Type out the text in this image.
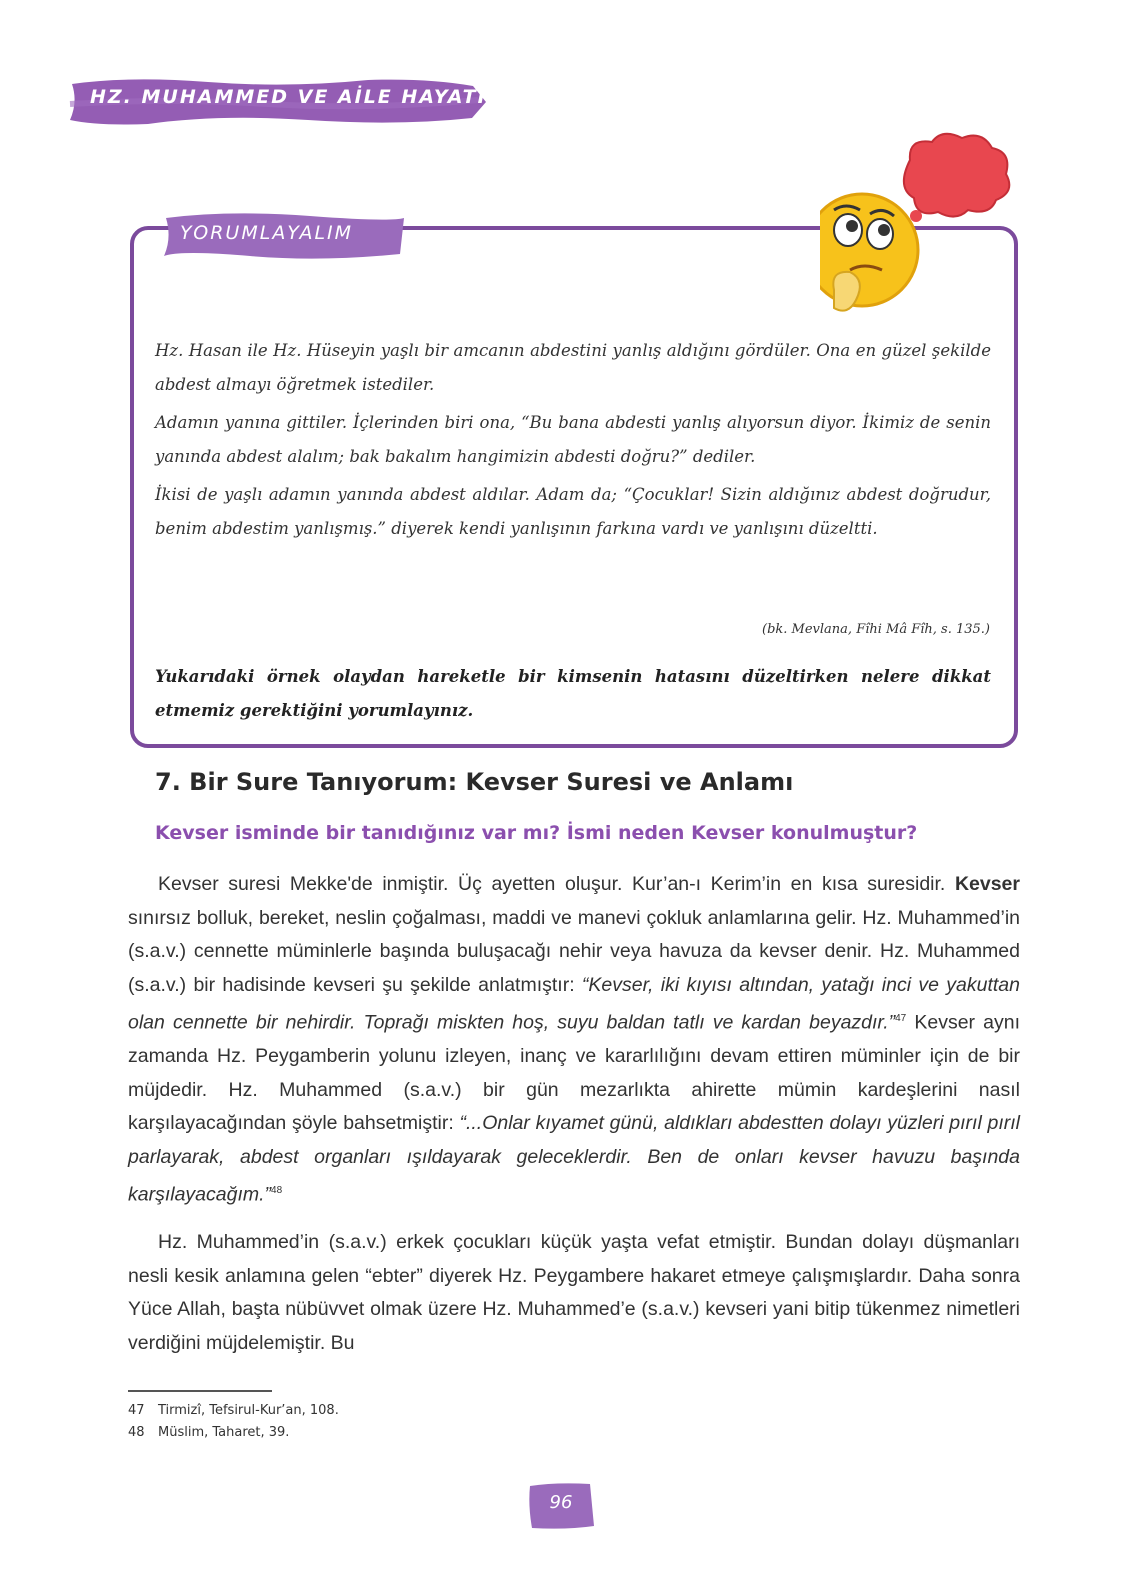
HZ. MUHAMMED VE AİLE HAYATI
YORUMLAYALIM

Hz. Hasan ile Hz. Hüseyin yaşlı bir amcanın abdestini yanlış aldığını gördüler. Ona en güzel şekilde abdest almayı öğretmek istediler.

Adamın yanına gittiler. İçlerinden biri ona, “Bu bana abdesti yanlış alıyorsun diyor. İkimiz de senin yanında abdest alalım; bak bakalım hangimizin abdesti doğru?” dediler.

İkisi de yaşlı adamın yanında abdest aldılar. Adam da; “Çocuklar! Sizin aldığınız abdest doğrudur, benim abdestim yanlışmış.” diyerek kendi yanlışının farkına vardı ve yanlışını düzeltti.

(bk. Mevlana, Fîhi Mâ Fîh, s. 135.)
Yukarıdaki örnek olaydan hareketle bir kimsenin hatasını düzeltirken nelere dikkat etmemiz gerektiğini yorumlayınız.
7. Bir Sure Tanıyorum: Kevser Suresi ve Anlamı
Kevser isminde bir tanıdığınız var mı? İsmi neden Kevser konulmuştur?

Kevser suresi Mekke'de inmiştir. Üç ayetten oluşur. Kur’an-ı Kerim’in en kısa suresidir. Kevser sınırsız bolluk, bereket, neslin çoğalması, maddi ve manevi çokluk anlamlarına gelir. Hz. Muhammed’in (s.a.v.) cennette müminlerle başında buluşacağı nehir veya havuza da kevser denir. Hz. Muhammed (s.a.v.) bir hadisinde kevseri şu şekilde anlatmıştır: “Kevser, iki kıyısı altından, yatağı inci ve yakuttan olan cennette bir nehirdir. Toprağı miskten hoş, suyu baldan tatlı ve kardan beyazdır.”$^{47}$ Kevser aynı zamanda Hz. Peygamberin yolunu izleyen, inanç ve kararlılığını devam ettiren müminler için de bir müjdedir. Hz. Muhammed (s.a.v.) bir gün mezarlıkta ahirette mümin kardeşlerini nasıl karşılayacağından şöyle bahsetmiştir: “...Onlar kıyamet günü, aldıkları abdestten dolayı yüzleri pırıl pırıl parlayarak, abdest organları ışıldayarak geleceklerdir. Ben de onları kevser havuzu başında karşılayacağım.”$^{48}$

Hz. Muhammed’in (s.a.v.) erkek çocukları küçük yaşta vefat etmiştir. Bundan dolayı düşmanları nesli kesik anlamına gelen “ebter” diyerek Hz. Peygambere hakaret etmeye çalışmışlardır. Daha sonra Yüce Allah, başta nübüvvet olmak üzere Hz. Muhammed’e (s.a.v.) kevseri yani bitip tükenmez nimetleri verdiğini müjdelemiştir. Bu

47 Tirmizî, Tefsirul-Kur’an, 108.
48 Müslim, Taharet, 39.
96
